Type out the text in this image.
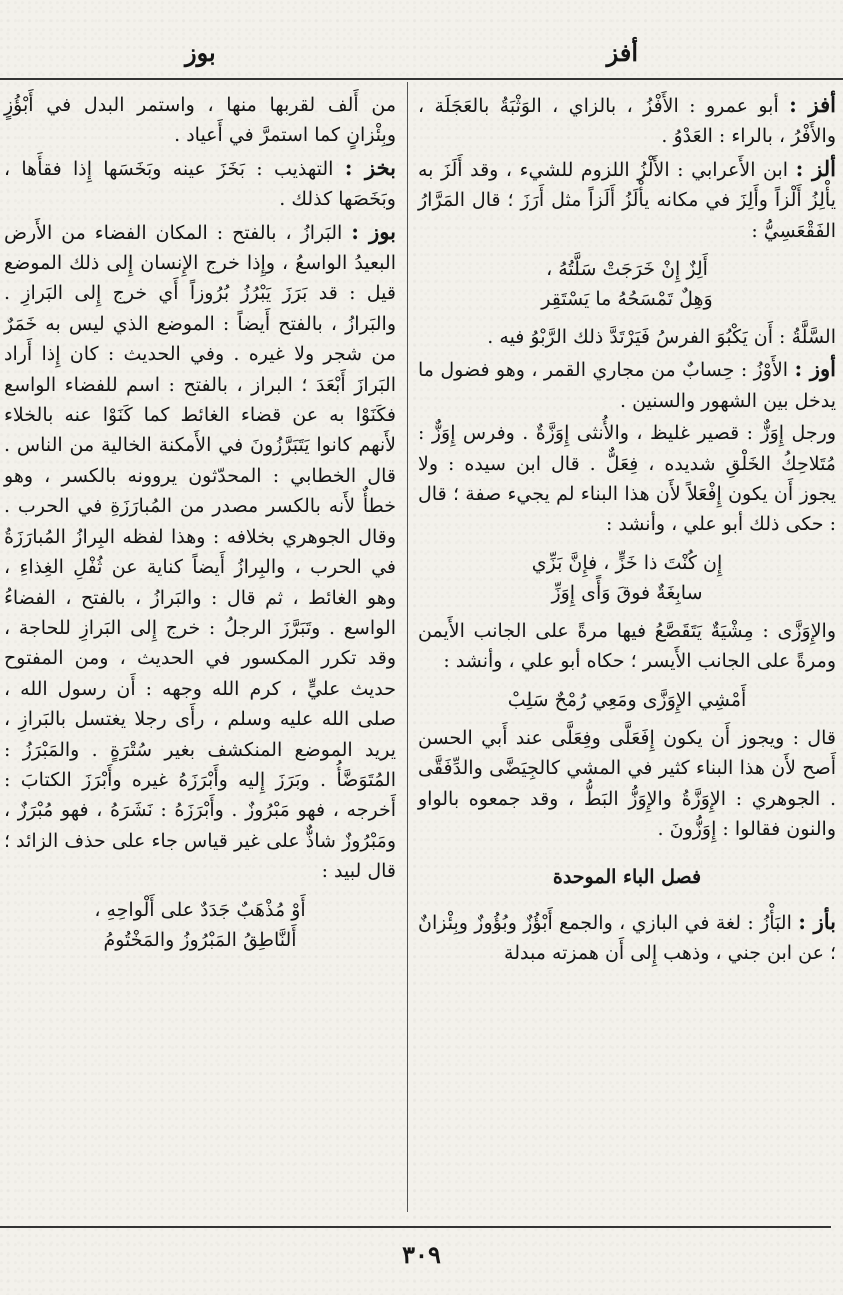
أفز
بوز

أفز : أبو عمرو : الأَفْزُ ، بالزاي ، الوَثْبَةُ بالعَجَلَة ، والأَفْرُ ، بالراء : العَدْوُ .

ألز : ابن الأَعرابي : الأَلْزُ اللزوم للشيء ، وقد أَلَزَ به يأْلِزُ أَلْزاً وأَلِزَ في مكانه يأْلَزُ أَلَزاً مثل أَرَزَ ؛ قال المَرَّارُ الفَقْعَسِيُّ :

أَلِزٌ إِنْ خَرَجَتْ سَلَّتُهُ ،
وَهِلٌ تَمْسَحُهُ ما يَسْتَقِر

السَّلَّةُ : أَن يَكْبُوَ الفرسُ فَيَرْتَدَّ ذلك الرَّبْوُ فيه .

أوز : الأَوْزُ : حِسابٌ من مجاري القمر ، وهو فضول ما يدخل بين الشهور والسنين .

ورجل إِوَزٌّ : قصير غليظ ، والأُنثى إِوَزَّةٌ . وفرس إِوَزٌّ : مُتَلاحِكُ الخَلْقِ شديده ، فِعَلٌّ . قال ابن سيده : ولا يجوز أَن يكون إِفْعَلاً لأَن هذا البناء لم يجيء صفة ؛ قال : حكى ذلك أبو علي ، وأنشد :

إِن كُنْتَ ذا خَزٍّ ، فإِنَّ بَزِّي
سابِغَةٌ فوقَ وَأًى إِوَزِّ

والإِوَزَّى : مِشْيَةٌ يَتَقَصَّعُ فيها مرةً على الجانب الأَيمن ومرةً على الجانب الأَيسر ؛ حكاه أبو علي ، وأنشد :

أَمْشِي الإِوَزَّى ومَعِي رُمْحٌ سَلِبْ

قال : ويجوز أَن يكون إِفَعَلَّى وفِعَلَّى عند أَبي الحسن أَصح لأَن هذا البناء كثير في المشي كالجِيَضَّى والدِّفَقَّى . الجوهري : الإِوَزَّةُ والإِوَزُّ البَطُّ ، وقد جمعوه بالواو والنون فقالوا : إِوَزُّونَ .

فصل الباء الموحدة

بأز : البَأْزُ : لغة في البازي ، والجمع أَبْؤُزٌ وبُؤُوزٌ وبِئْزانٌ ؛ عن ابن جني ، وذهب إِلى أَن همزته مبدلة

من أَلف لقربها منها ، واستمر البدل في أَبْؤُزٍ وبِئْزانٍ كما استمرَّ في أَعياد .

بخز : التهذيب : بَخَزَ عينه وبَخَسَها إِذا فقأَها ، وبَخَصَها كذلك .

بوز : البَرازُ ، بالفتح : المكان الفضاء من الأَرض البعيدُ الواسعُ ، وإِذا خرج الإِنسان إِلى ذلك الموضع قيل : قد بَرَزَ يَبْرُزُ بُرُوزاً أَي خرج إِلى البَرازِ . والبَرازُ ، بالفتح أَيضاً : الموضع الذي ليس به خَمَرٌ من شجر ولا غيره . وفي الحديث : كان إِذا أَراد البَرازَ أَبْعَدَ ؛ البراز ، بالفتح : اسم للفضاء الواسع فكَنَوْا به عن قضاء الغائط كما كَنَوْا عنه بالخلاء لأَنهم كانوا يَتَبَرَّزُونَ في الأَمكنة الخالية من الناس . قال الخطابي : المحدّثون يروونه بالكسر ، وهو خطأٌ لأَنه بالكسر مصدر من المُبارَزَةِ في الحرب . وقال الجوهري بخلافه : وهذا لفظه البِرازُ المُبارَزَةُ في الحرب ، والبِرازُ أَيضاً كناية عن ثُفْلِ الغِذاءِ ، وهو الغائط ، ثم قال : والبَرازُ ، بالفتح ، الفضاءُ الواسع . وتَبَرَّزَ الرجلُ : خرج إِلى البَرازِ للحاجة ، وقد تكرر المكسور في الحديث ، ومن المفتوح حديث عليٍّ ، كرم الله وجهه : أَن رسول الله ، صلى الله عليه وسلم ، رأَى رجلا يغتسل بالبَرازِ ، يريد الموضع المنكشف بغير سُتْرَةٍ . والمَبْرَزُ : المُتَوَضَّأُ . وبَرَزَ إِليه وأَبْرَزَهُ غيره وأَبْرَزَ الكتابَ : أَخرجه ، فهو مَبْرُوزٌ . وأَبْرَزَهُ : نَشَرَهُ ، فهو مُبْرَزٌ ، ومَبْرُوزٌ شاذٌّ على غير قياس جاء على حذف الزائد ؛ قال لبيد :

أَوْ مُذْهَبٌ جَدَدٌ على أَلْواحِهِ ،
أَلنَّاطِقُ المَبْرُوزُ والمَخْتُومُ
٣٠٩
